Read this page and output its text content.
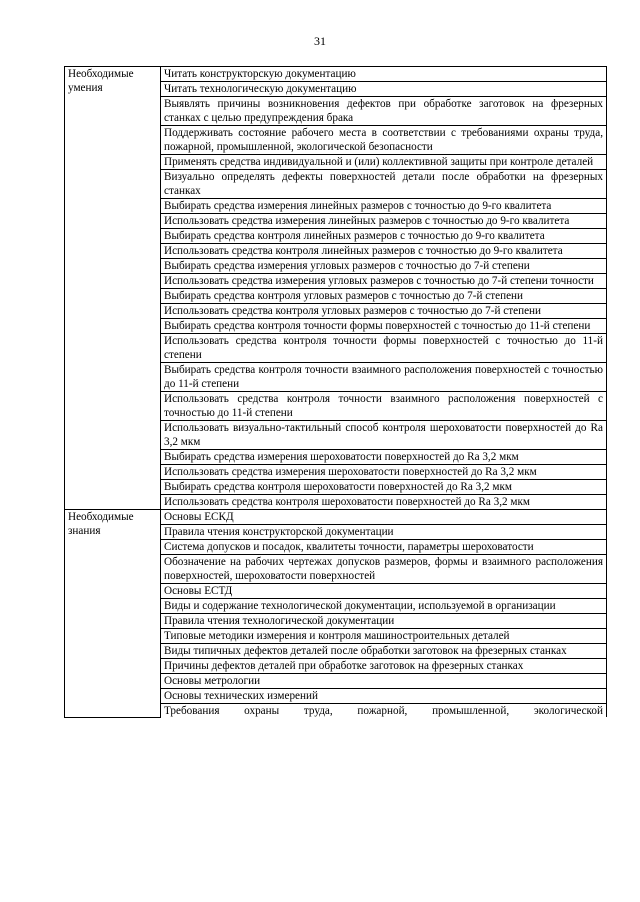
31
Необходимые умения	Читать конструкторскую документацию
	Читать технологическую документацию
	Выявлять причины возникновения дефектов при обработке заготовок на фрезерных станках с целью предупреждения брака
	Поддерживать состояние рабочего места в соответствии с требованиями охраны труда, пожарной, промышленной, экологической безопасности
	Применять средства индивидуальной и (или) коллективной защиты при контроле деталей
	Визуально определять дефекты поверхностей детали после обработки на фрезерных станках
	Выбирать средства измерения линейных размеров с точностью до 9-го квалитета
	Использовать средства измерения линейных размеров с точностью до 9-го квалитета
	Выбирать средства контроля линейных размеров с точностью до 9-го квалитета
	Использовать средства контроля линейных размеров с точностью до 9-го квалитета
	Выбирать средства измерения угловых размеров с точностью до 7-й степени
	Использовать средства измерения угловых размеров с точностью до 7-й степени точности
	Выбирать средства контроля угловых размеров с точностью до 7-й степени
	Использовать средства контроля угловых размеров с точностью до 7-й степени
	Выбирать средства контроля точности формы поверхностей с точностью до 11-й степени
	Использовать средства контроля точности формы поверхностей с точностью до 11-й степени
	Выбирать средства контроля точности взаимного расположения поверхностей с точностью до 11-й степени
	Использовать средства контроля точности взаимного расположения поверхностей с точностью до 11-й степени
	Использовать визуально-тактильный способ контроля шероховатости поверхностей до Ra 3,2 мкм
	Выбирать средства измерения шероховатости поверхностей до Ra 3,2 мкм
	Использовать средства измерения шероховатости поверхностей до Ra 3,2 мкм
	Выбирать средства контроля шероховатости поверхностей до Ra 3,2 мкм
	Использовать средства контроля шероховатости поверхностей до Ra 3,2 мкм
Необходимые знания	Основы ЕСКД
	Правила чтения конструкторской документации
	Система допусков и посадок, квалитеты точности, параметры шероховатости
	Обозначение на рабочих чертежах допусков размеров, формы и взаимного расположения поверхностей, шероховатости поверхностей
	Основы ЕСТД
	Виды и содержание технологической документации, используемой в организации
	Правила чтения технологической документации
	Типовые методики измерения и контроля машиностроительных деталей
	Виды типичных дефектов деталей после обработки заготовок на фрезерных станках
	Причины дефектов деталей при обработке заготовок на фрезерных станках
	Основы метрологии
	Основы технических измерений

	Требования охраны труда, пожарной, промышленной, экологической
